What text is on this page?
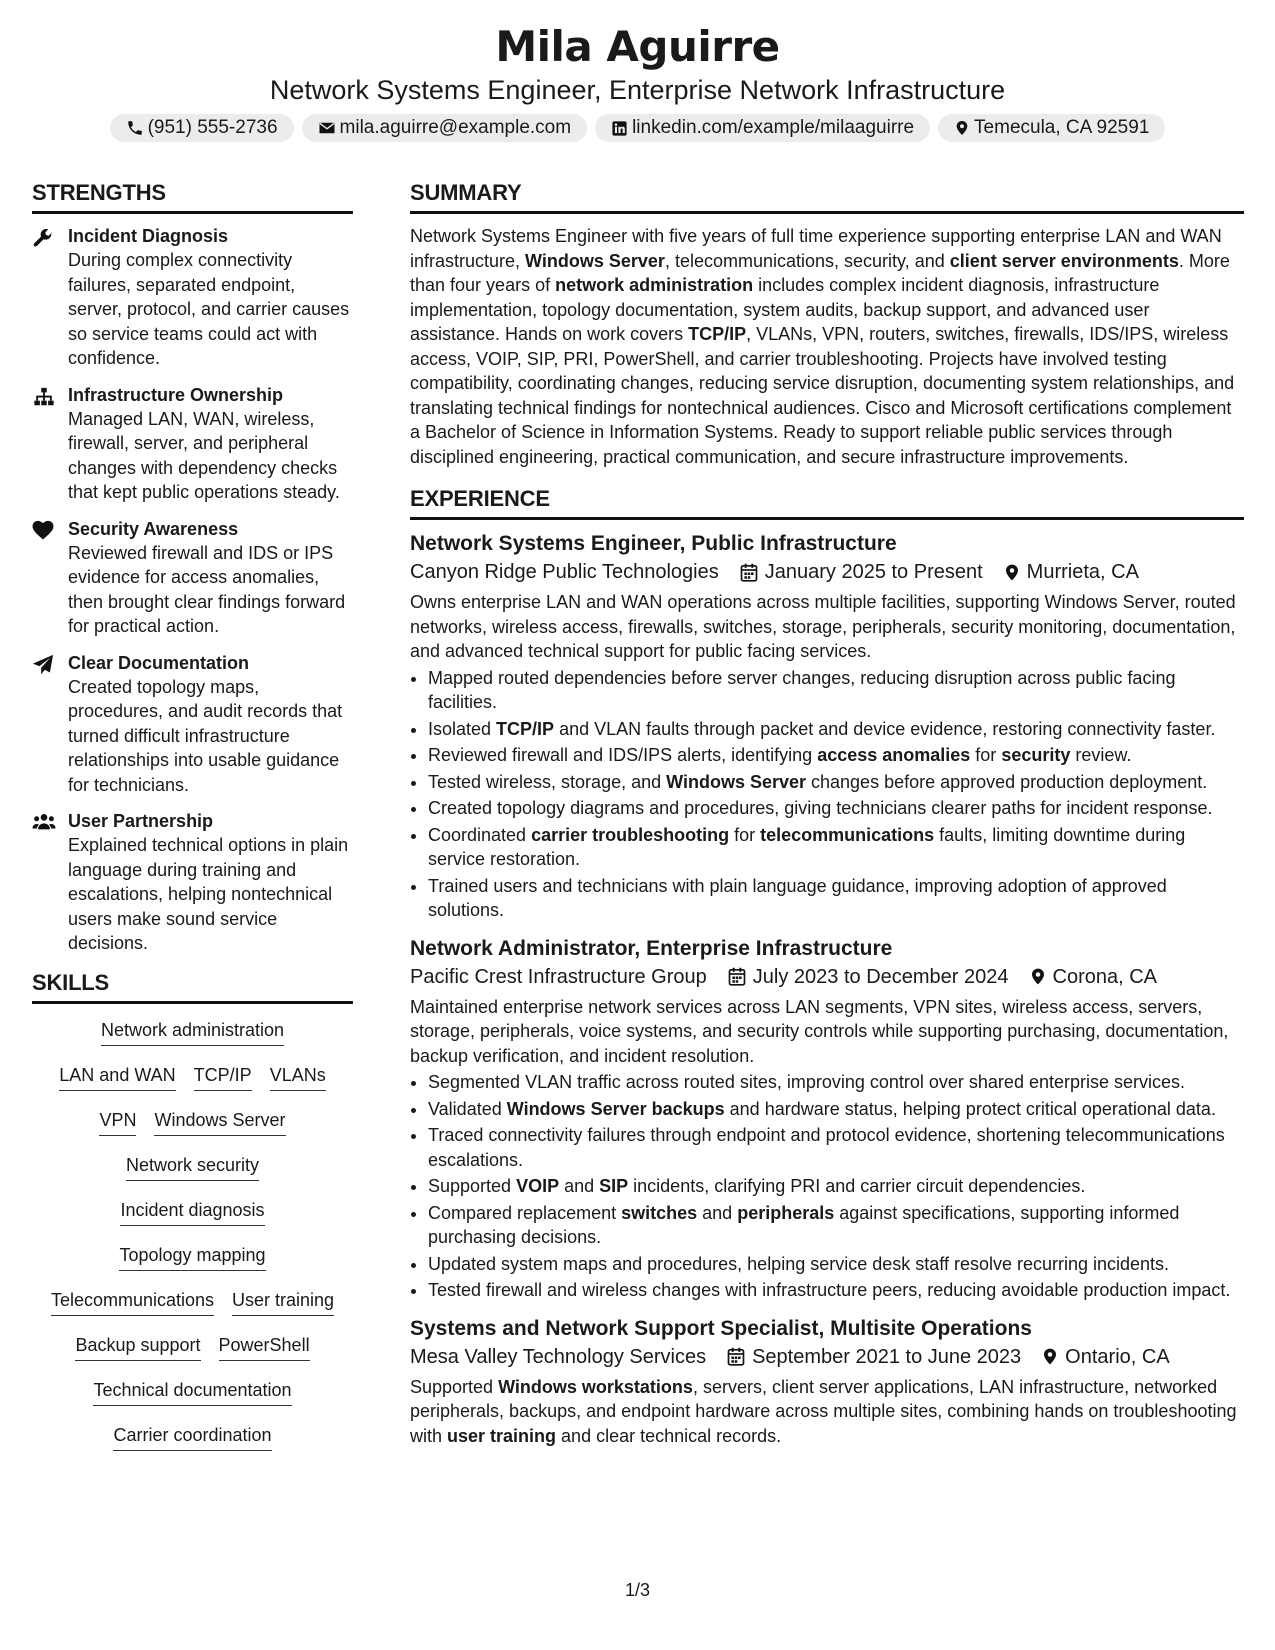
Mila Aguirre
Network Systems Engineer, Enterprise Network Infrastructure
(951) 555-2736	mila.aguirre@example.com	linkedin.com/example/milaaguirre	Temecula, CA 92591
STRENGTHS
Incident Diagnosis
During complex connectivity failures, separated endpoint, server, protocol, and carrier causes so service teams could act with confidence.
Infrastructure Ownership
Managed LAN, WAN, wireless, firewall, server, and peripheral changes with dependency checks that kept public operations steady.
Security Awareness
Reviewed firewall and IDS or IPS evidence for access anomalies, then brought clear findings forward for practical action.
Clear Documentation
Created topology maps, procedures, and audit records that turned difficult infrastructure relationships into usable guidance for technicians.
User Partnership
Explained technical options in plain language during training and escalations, helping nontechnical users make sound service decisions.
SKILLS
Network administration
LAN and WAN TCP/IP VLANs
VPN Windows Server
Network security
Incident diagnosis
Topology mapping
Telecommunications User training
Backup support PowerShell
Technical documentation
Carrier coordination
SUMMARY
Network Systems Engineer with five years of full time experience supporting enterprise LAN and WAN infrastructure, Windows Server, telecommunications, security, and client server environments. More than four years of network administration includes complex incident diagnosis, infrastructure implementation, topology documentation, system audits, backup support, and advanced user assistance. Hands on work covers TCP/IP, VLANs, VPN, routers, switches, firewalls, IDS/IPS, wireless access, VOIP, SIP, PRI, PowerShell, and carrier troubleshooting. Projects have involved testing compatibility, coordinating changes, reducing service disruption, documenting system relationships, and translating technical findings for nontechnical audiences. Cisco and Microsoft certifications complement a Bachelor of Science in Information Systems. Ready to support reliable public services through disciplined engineering, practical communication, and secure infrastructure improvements.
EXPERIENCE
Network Systems Engineer, Public Infrastructure
Canyon Ridge Public Technologies January 2025 to Present Murrieta, CA
Owns enterprise LAN and WAN operations across multiple facilities, supporting Windows Server, routed networks, wireless access, firewalls, switches, storage, peripherals, security monitoring, documentation, and advanced technical support for public facing services.
• Mapped routed dependencies before server changes, reducing disruption across public facing facilities.
• Isolated TCP/IP and VLAN faults through packet and device evidence, restoring connectivity faster.
• Reviewed firewall and IDS/IPS alerts, identifying access anomalies for security review.
• Tested wireless, storage, and Windows Server changes before approved production deployment.
• Created topology diagrams and procedures, giving technicians clearer paths for incident response.
• Coordinated carrier troubleshooting for telecommunications faults, limiting downtime during service restoration.
• Trained users and technicians with plain language guidance, improving adoption of approved solutions.
Network Administrator, Enterprise Infrastructure
Pacific Crest Infrastructure Group July 2023 to December 2024 Corona, CA
Maintained enterprise network services across LAN segments, VPN sites, wireless access, servers, storage, peripherals, voice systems, and security controls while supporting purchasing, documentation, backup verification, and incident resolution.
• Segmented VLAN traffic across routed sites, improving control over shared enterprise services.
• Validated Windows Server backups and hardware status, helping protect critical operational data.
• Traced connectivity failures through endpoint and protocol evidence, shortening telecommunications escalations.
• Supported VOIP and SIP incidents, clarifying PRI and carrier circuit dependencies.
• Compared replacement switches and peripherals against specifications, supporting informed purchasing decisions.
• Updated system maps and procedures, helping service desk staff resolve recurring incidents.
• Tested firewall and wireless changes with infrastructure peers, reducing avoidable production impact.
Systems and Network Support Specialist, Multisite Operations
Mesa Valley Technology Services September 2021 to June 2023 Ontario, CA
Supported Windows workstations, servers, client server applications, LAN infrastructure, networked peripherals, backups, and endpoint hardware across multiple sites, combining hands on troubleshooting with user training and clear technical records.
1/3
